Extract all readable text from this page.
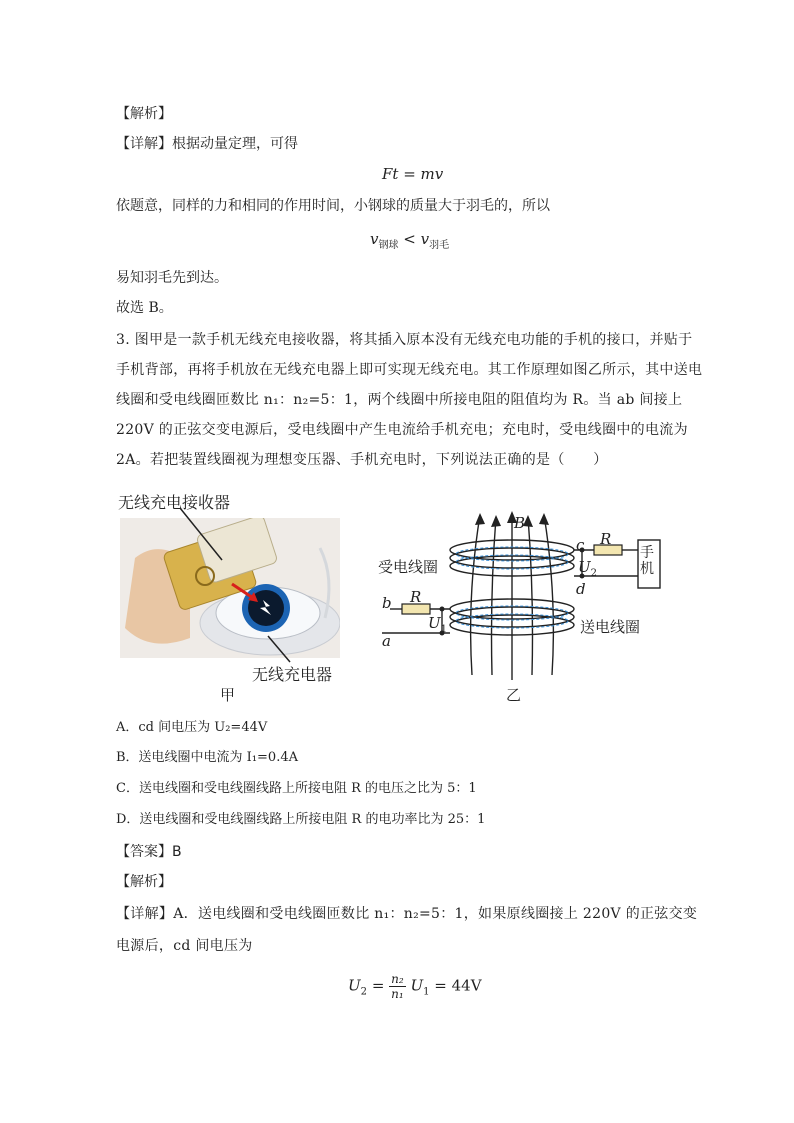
【解析】
【详解】根据动量定理，可得
Ft = mv
依题意，同样的力和相同的作用时间，小钢球的质量大于羽毛的，所以
$v_{钢球} < v_{羽毛}$
易知羽毛先到达。
故选 B。
3. 图甲是一款手机无线充电接收器，将其插入原本没有无线充电功能的手机的接口，并贴于手机背部，再将手机放在无线充电器上即可实现无线充电。其工作原理如图乙所示，其中送电线圈和受电线圈匝数比 n₁：n₂=5：1，两个线圈中所接电阻的阻值均为 R。当 ab 间接上 220V 的正弦交变电源后，受电线圈中产生电流给手机充电；充电时，受电线圈中的电流为 2A。若把装置线圈视为理想变压器、手机充电时，下列说法正确的是（　　）
无线充电接收器
无线充电器
甲
B
c R
$U_2$
d
手机
受电线圈
b R
$U_1$	送电线圈
a
乙
A．cd 间电压为 U₂=44V
B．送电线圈中电流为 I₁=0.4A
C．送电线圈和受电线圈线路上所接电阻 R 的电压之比为 5：1
D．送电线圈和受电线圈线路上所接电阻 R 的电功率比为 25：1
【答案】B
【解析】
【详解】A．送电线圈和受电线圈匝数比 n₁：n₂=5：1，如果原线圈接上 220V 的正弦交变电源后，cd 间电压为
$U_2 = \frac{\text{n₂}}{\text{n₁}} U_1 = 44V$
